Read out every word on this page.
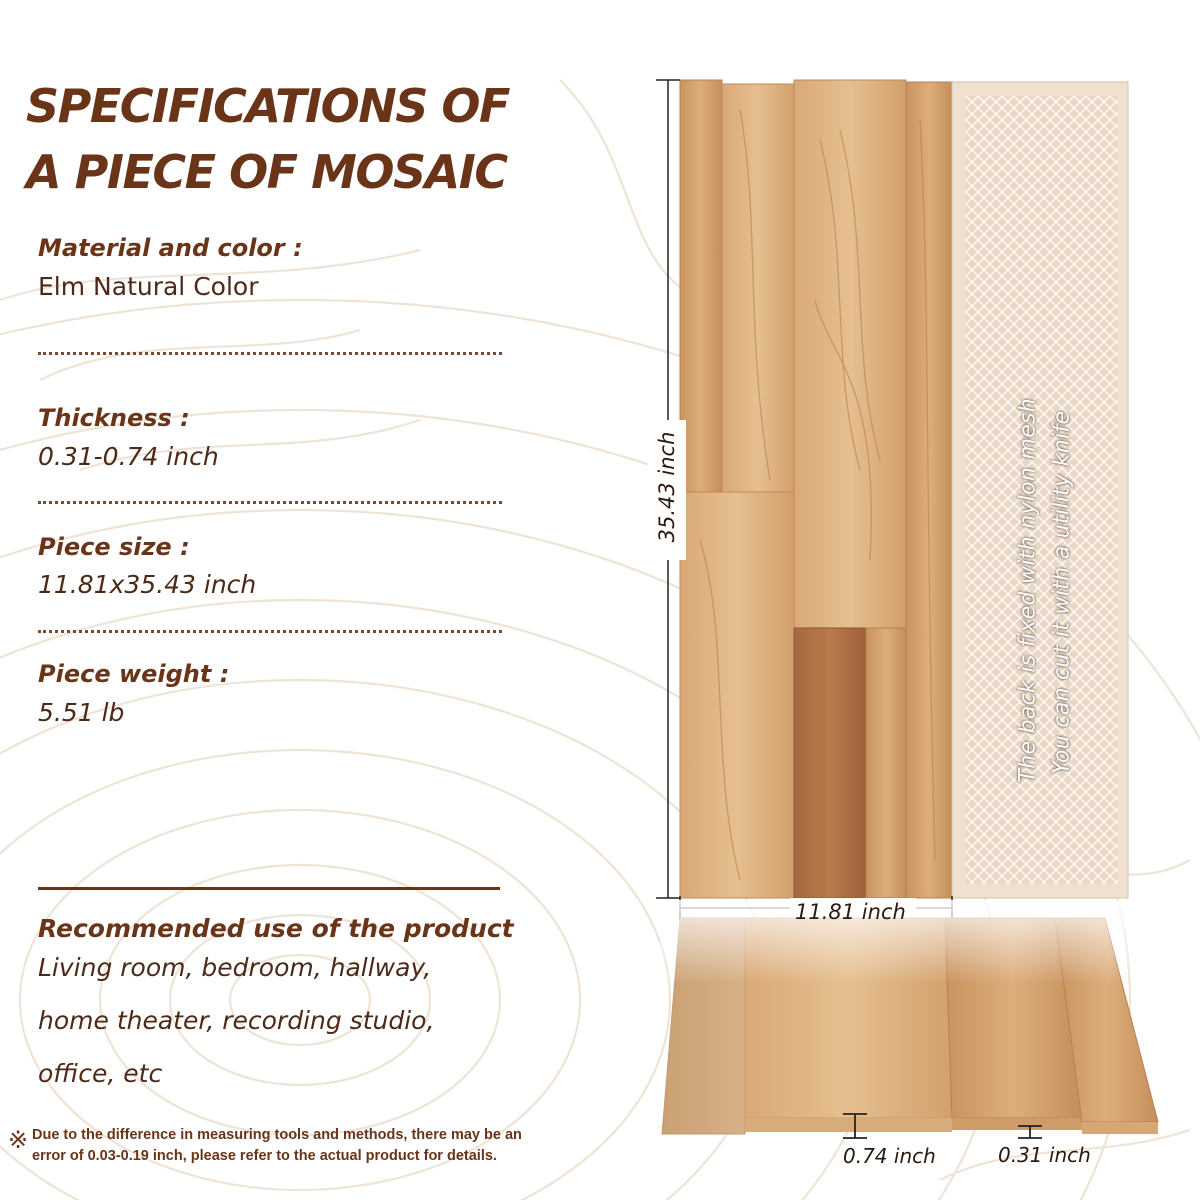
SPECIFICATIONS OF
A PIECE OF MOSAIC
Material and color :
Elm Natural Color
Thickness :
0.31-0.74 inch
Piece size :
11.81x35.43 inch
Piece weight :
5.51 lb
Recommended use of the product
Living room, bedroom, hallway,
home theater, recording studio,
office, etc
※ Due to the difference in measuring tools and methods, there may be an
error of 0.03-0.19 inch, please refer to the actual product for details.
35.43 inch
11.81 inch
0.74 inch	0.31 inch
The back is fixed with nylon mesh You can cut it with a utility knife
